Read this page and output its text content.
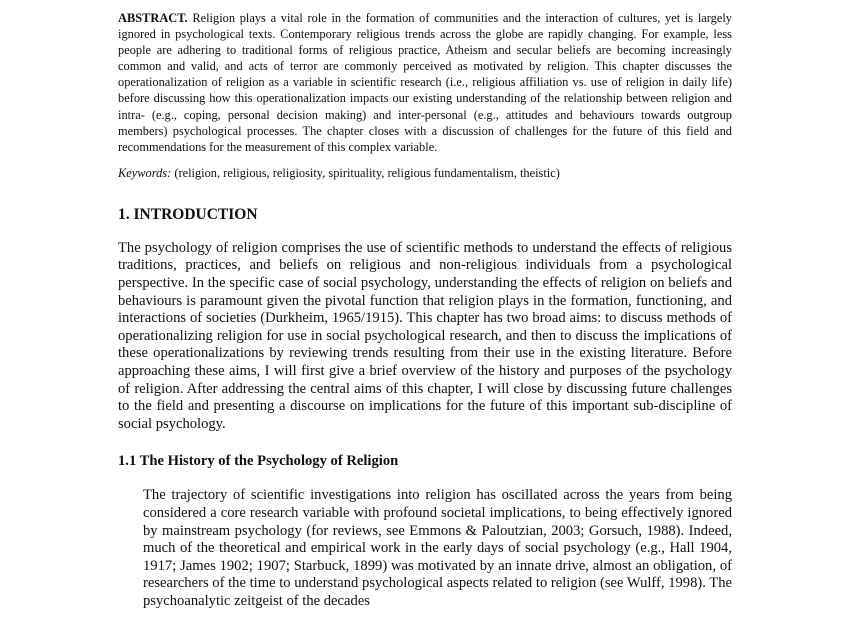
ABSTRACT. Religion plays a vital role in the formation of communities and the interaction of cultures, yet is largely ignored in psychological texts. Contemporary religious trends across the globe are rapidly changing. For example, less people are adhering to traditional forms of religious practice, Atheism and secular beliefs are becoming increasingly common and valid, and acts of terror are commonly perceived as motivated by religion. This chapter discusses the operationalization of religion as a variable in scientific research (i.e., religious affiliation vs. use of religion in daily life) before discussing how this operationalization impacts our existing understanding of the relationship between religion and intra- (e.g., coping, personal decision making) and inter-personal (e.g., attitudes and behaviours towards outgroup members) psychological processes. The chapter closes with a discussion of challenges for the future of this field and recommendations for the measurement of this complex variable.

Keywords: (religion, religious, religiosity, spirituality, religious fundamentalism, theistic)

1. INTRODUCTION

The psychology of religion comprises the use of scientific methods to understand the effects of religious traditions, practices, and beliefs on religious and non-religious individuals from a psychological perspective. In the specific case of social psychology, understanding the effects of religion on beliefs and behaviours is paramount given the pivotal function that religion plays in the formation, functioning, and interactions of societies (Durkheim, 1965/1915). This chapter has two broad aims: to discuss methods of operationalizing religion for use in social psychological research, and then to discuss the implications of these operationalizations by reviewing trends resulting from their use in the existing literature. Before approaching these aims, I will first give a brief overview of the history and purposes of the psychology of religion. After addressing the central aims of this chapter, I will close by discussing future challenges to the field and presenting a discourse on implications for the future of this important sub-discipline of social psychology.

1.1 The History of the Psychology of Religion

The trajectory of scientific investigations into religion has oscillated across the years from being considered a core research variable with profound societal implications, to being effectively ignored by mainstream psychology (for reviews, see Emmons & Paloutzian, 2003; Gorsuch, 1988). Indeed, much of the theoretical and empirical work in the early days of social psychology (e.g., Hall 1904, 1917; James 1902; 1907; Starbuck, 1899) was motivated by an innate drive, almost an obligation, of researchers of the time to understand psychological aspects related to religion (see Wulff, 1998). The psychoanalytic zeitgeist of the decades
